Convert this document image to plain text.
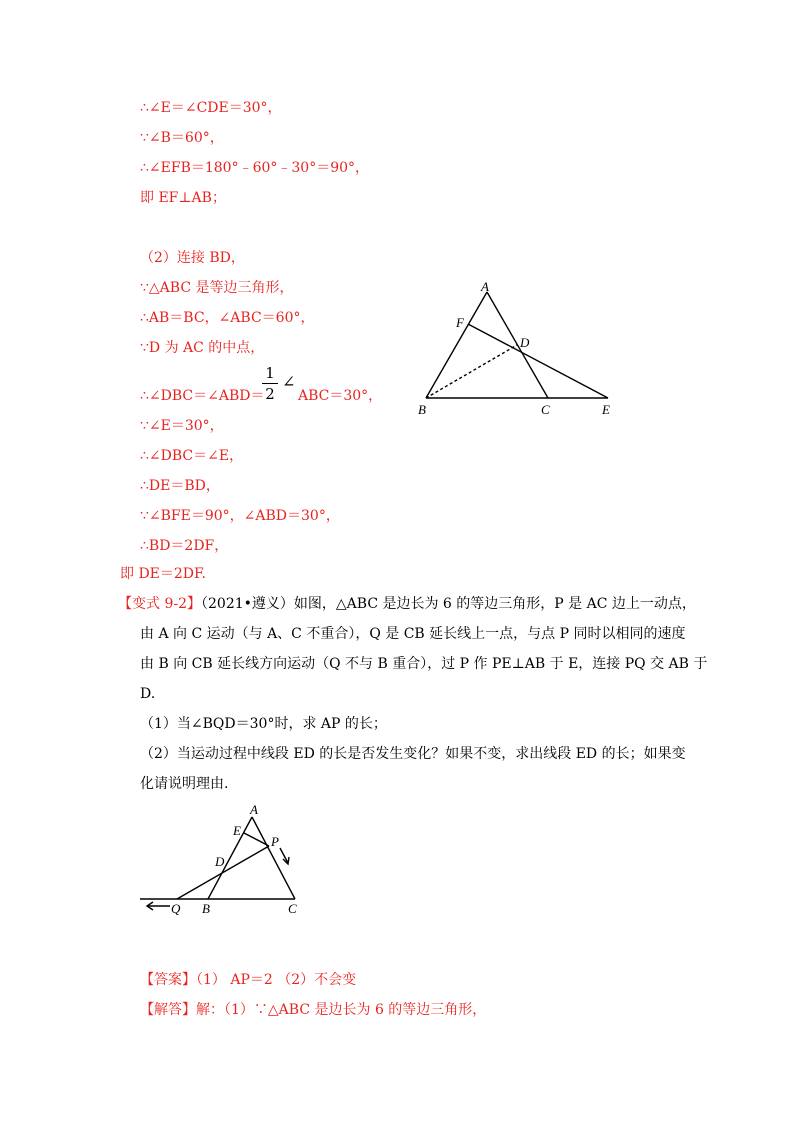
∴∠E＝∠CDE＝30°，
∵∠B＝60°，
∴∠EFB＝180°﹣60°﹣30°＝90°，
即 EF⊥AB；
（2）连接 BD，
∵△ABC 是等边三角形，
∴AB＝BC，∠ABC＝60°，
∵D 为 AC 的中点，
∴∠DBC＝∠ABD＝
1
2
∠
ABC＝30°，
∵∠E＝30°，
∴∠DBC＝∠E，
∴DE＝BD，
∵∠BFE＝90°，∠ABD＝30°，
∴BD＝2DF，
即 DE＝2DF.
A
F
D
B	C	E
【变式 9-2】（2021•遵义）如图，△ABC 是边长为 6 的等边三角形，P 是 AC 边上一动点，
由 A 向 C 运动（与 A、C 不重合），Q 是 CB 延长线上一点，与点 P 同时以相同的速度
由 B 向 CB 延长线方向运动（Q 不与 B 重合），过 P 作 PE⊥AB 于 E，连接 PQ 交 AB 于
D.
（1）当∠BQD＝30°时，求 AP 的长；
（2）当运动过程中线段 ED 的长是否发生变化？如果不变，求出线段 ED 的长；如果变
化请说明理由.
A
E
P
D
Q B	C
【答案】（1） AP＝2 （2）不会变
【解答】解：（1）∵△ABC 是边长为 6 的等边三角形，
